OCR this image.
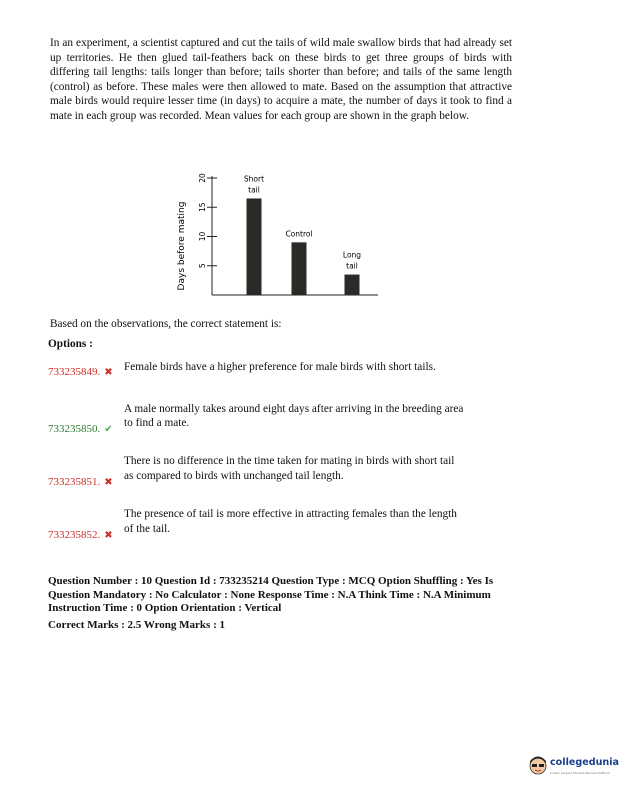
In an experiment, a scientist captured and cut the tails of wild male swallow birds that had already set up territories. He then glued tail-feathers back on these birds to get three groups of birds with differing tail lengths: tails longer than before; tails shorter than before; and tails of the same length (control) as before. These males were then allowed to mate. Based on the assumption that attractive male birds would require lesser time (in days) to acquire a mate, the number of days it took to find a mate in each group was recorded. Mean values for each group are shown in the graph below.
Days before mating 5
10
15
20	Short
tail
Control
Long
tail
Based on the observations, the correct statement is:
Options :
733235849. ✖ Female birds have a higher preference for male birds with short tails.
A male normally takes around eight days after arriving in the breeding area
733235850. ✔
to find a mate.
There is no difference in the time taken for mating in birds with short tail
733235851. ✖
as compared to birds with unchanged tail length.
The presence of tail is more effective in attracting females than the length
733235852. ✖
of the tail.
Question Number : 10 Question Id : 733235214 Question Type : MCQ Option Shuffling : Yes Is
Question Mandatory : No Calculator : None Response Time : N.A Think Time : N.A Minimum
Instruction Time : 0 Option Orientation : Vertical
Correct Marks : 2.5 Wrong Marks : 1
collegedunia
India's Largest Student Review Platform
